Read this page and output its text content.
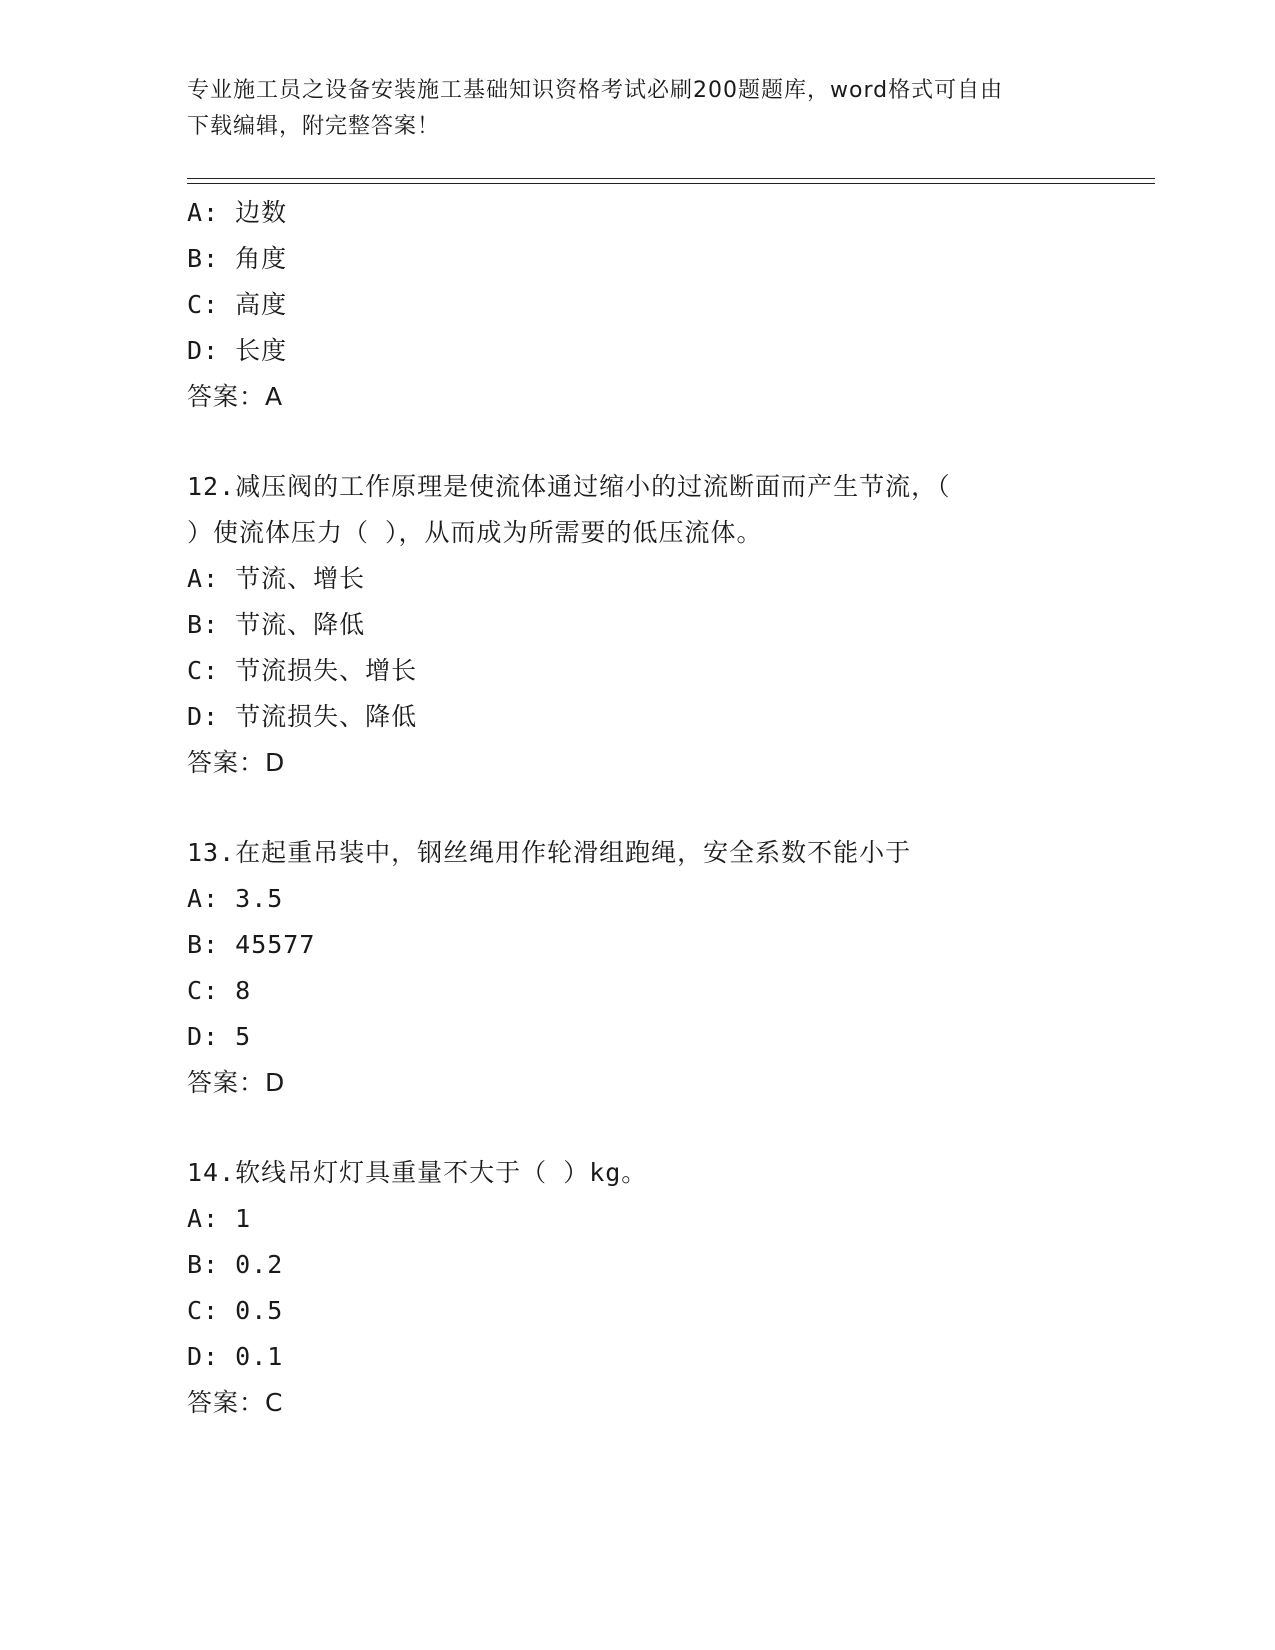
专业施工员之设备安装施工基础知识资格考试必刷200题题库，word格式可自由
下载编辑，附完整答案！
A: 边数
B: 角度
C: 高度
D: 长度
答案：A
12.减压阀的工作原理是使流体通过缩小的过流断面而产生节流，（
）使流体压力（ ），从而成为所需要的低压流体。
A: 节流、增长
B: 节流、降低
C: 节流损失、增长
D: 节流损失、降低
答案：D
13.在起重吊装中，钢丝绳用作轮滑组跑绳，安全系数不能小于
A: 3.5
B: 45577
C: 8
D: 5
答案：D
14.软线吊灯灯具重量不大于（ ）kg。
A: 1
B: 0.2
C: 0.5
D: 0.1
答案：C
